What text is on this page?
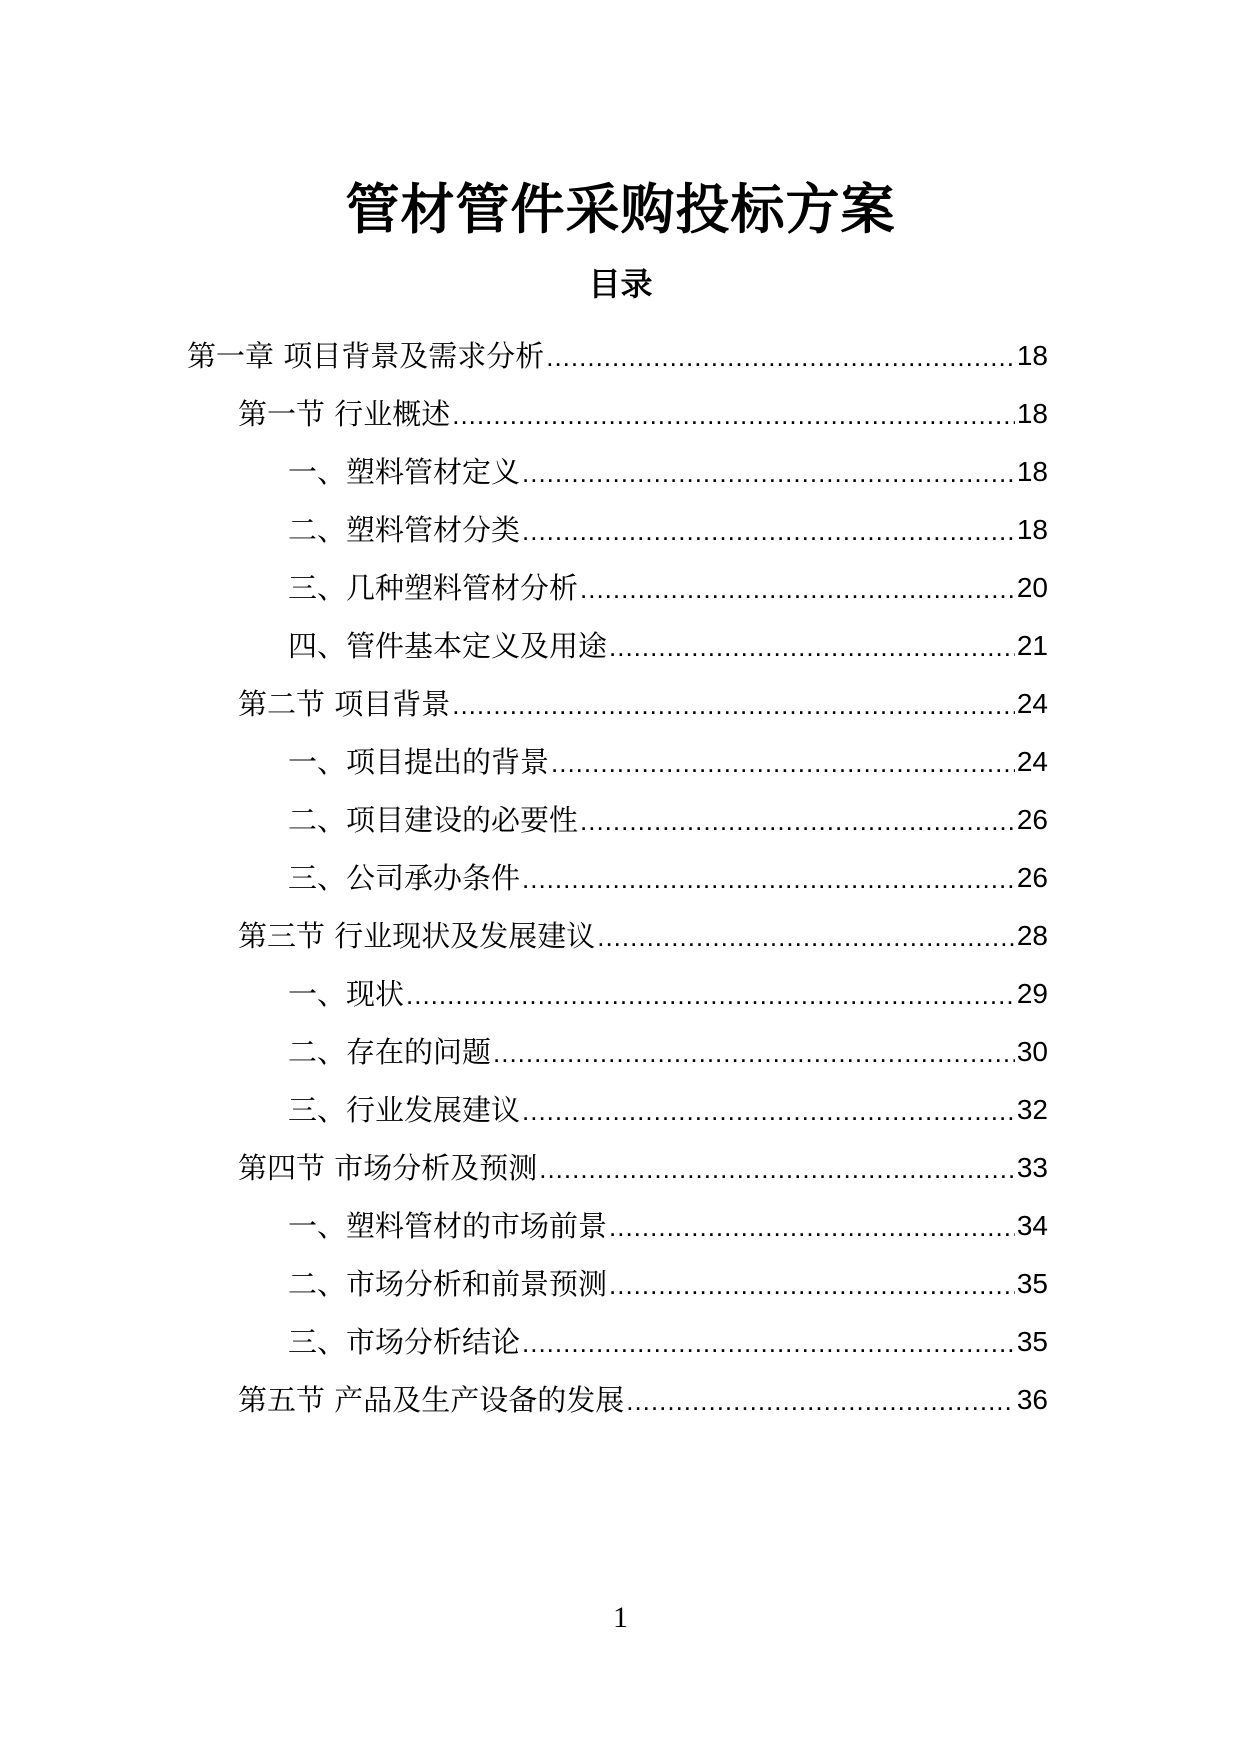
管材管件采购投标方案
目录
第一章 项目背景及需求分析 .....	18
第一节 行业概述 .....	18
一、塑料管材定义 .....	18
二、塑料管材分类 .....	18
三、几种塑料管材分析 .....	20
四、管件基本定义及用途 .....	21
第二节 项目背景 .....	24
一、项目提出的背景 .....	24
二、项目建设的必要性 .....	26
三、公司承办条件 .....	26
第三节 行业现状及发展建议 .....	28
一、现状 .....	29
二、存在的问题 .....	30
三、行业发展建议 .....	32
第四节 市场分析及预测 .....	33
一、塑料管材的市场前景 .....	34
二、市场分析和前景预测 .....	35
三、市场分析结论 .....	35
第五节 产品及生产设备的发展 .....	36
1
